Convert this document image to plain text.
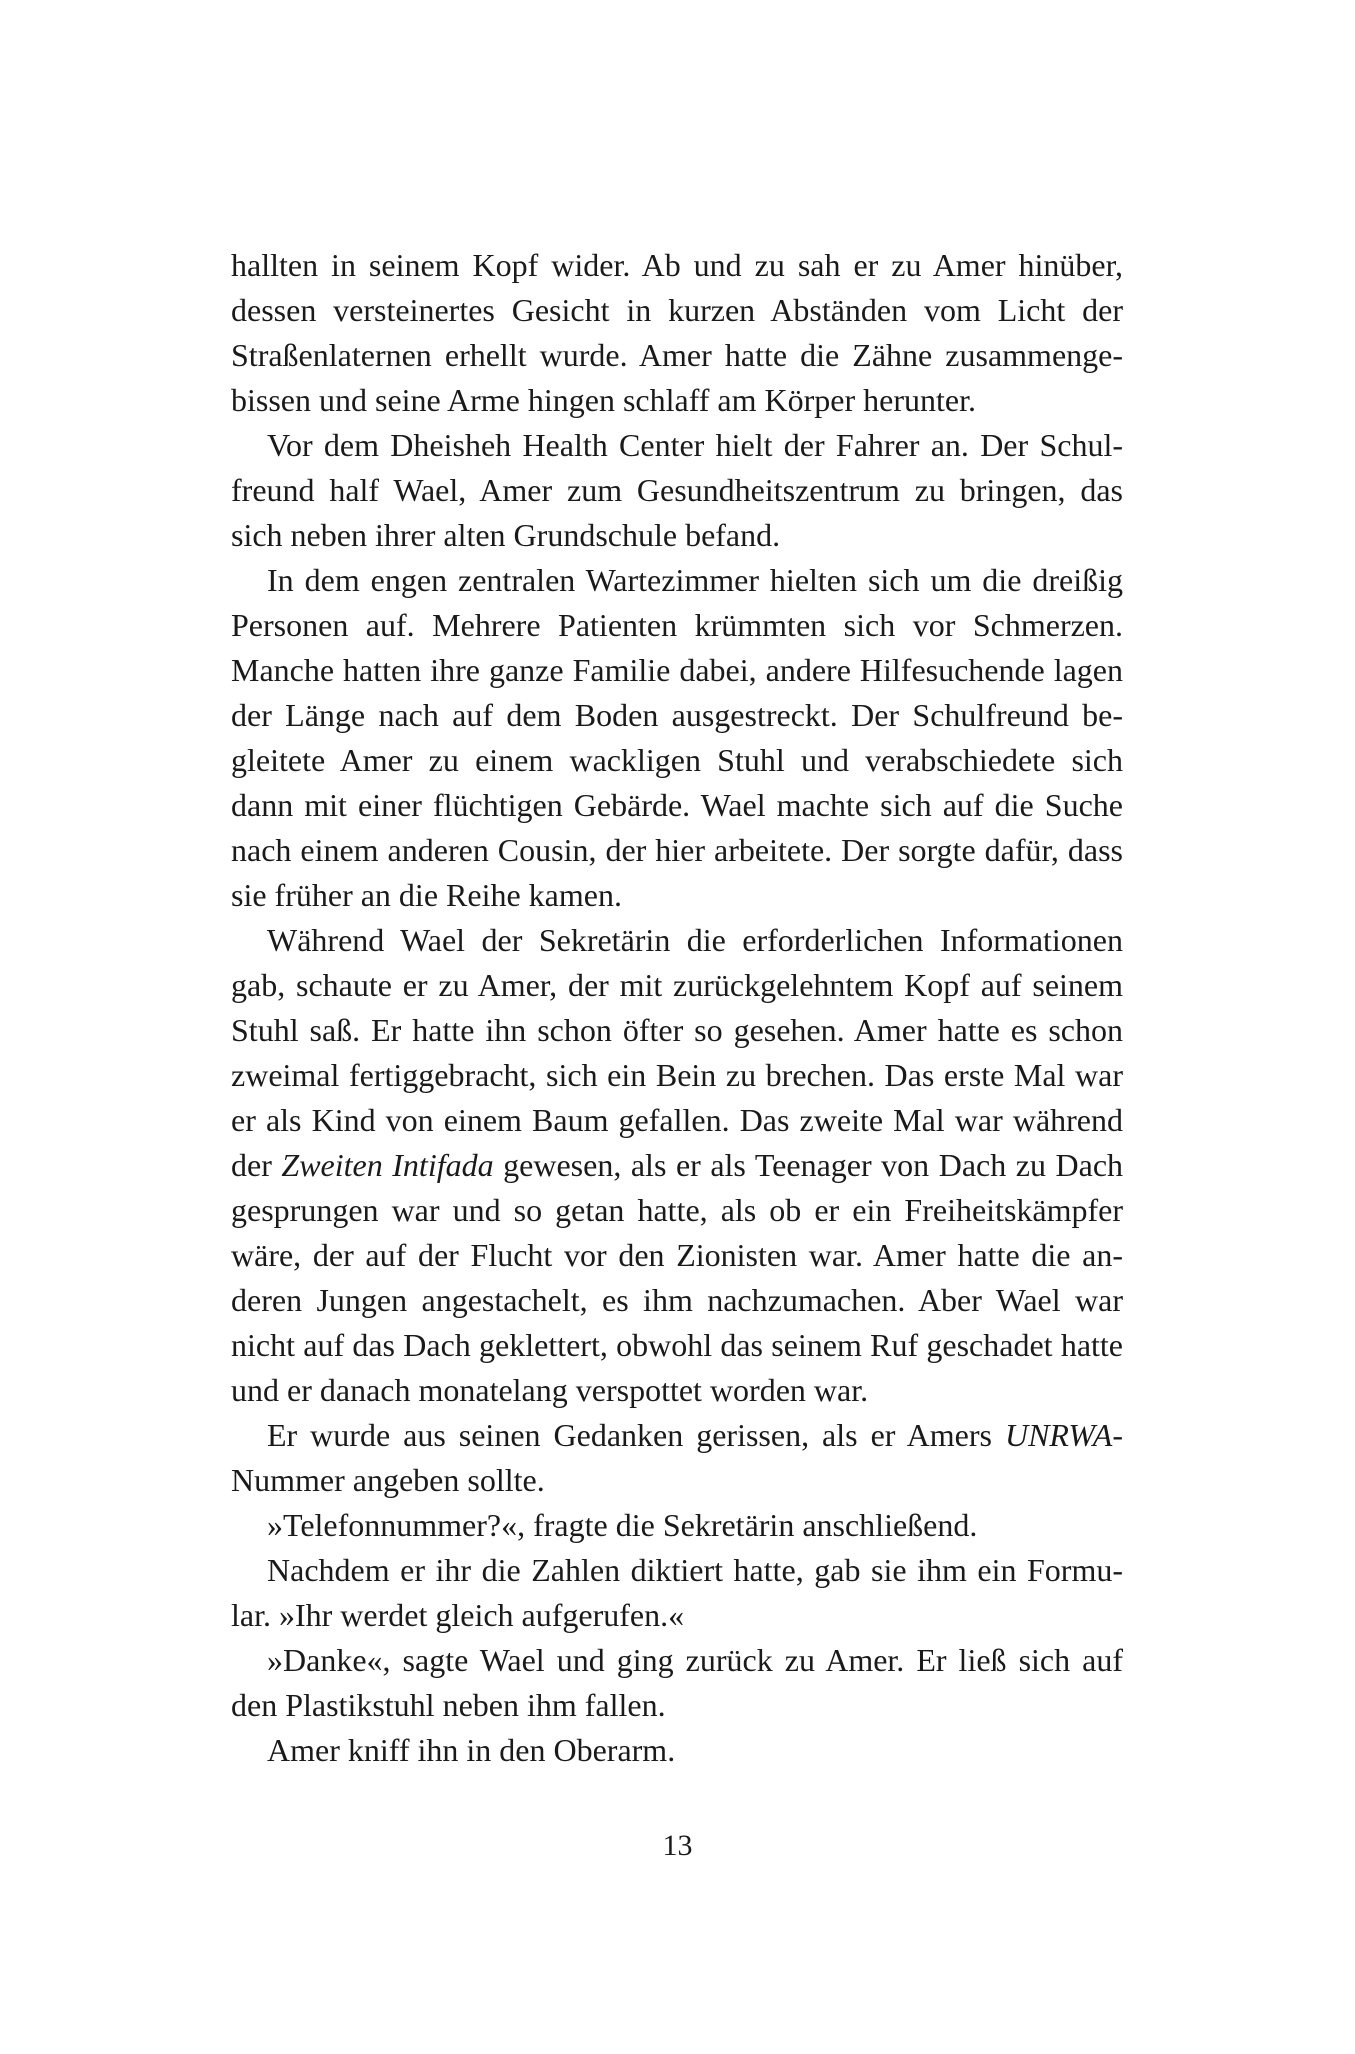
hallten in seinem Kopf wider. Ab und zu sah er zu Amer hinüber, dessen versteinertes Gesicht in kurzen Abständen vom Licht der Straßenlaternen erhellt wurde. Amer hatte die Zähne zusammengebissen und seine Arme hingen schlaff am Körper herunter.

Vor dem Dheisheh Health Center hielt der Fahrer an. Der Schulfreund half Wael, Amer zum Gesundheitszentrum zu bringen, das sich neben ihrer alten Grundschule befand.

In dem engen zentralen Wartezimmer hielten sich um die dreißig Personen auf. Mehrere Patienten krümmten sich vor Schmerzen. Manche hatten ihre ganze Familie dabei, andere Hilfesuchende lagen der Länge nach auf dem Boden ausgestreckt. Der Schulfreund begleitete Amer zu einem wackligen Stuhl und verabschiedete sich dann mit einer flüchtigen Gebärde. Wael machte sich auf die Suche nach einem anderen Cousin, der hier arbeitete. Der sorgte dafür, dass sie früher an die Reihe kamen.

Während Wael der Sekretärin die erforderlichen Informationen gab, schaute er zu Amer, der mit zurückgelehntem Kopf auf seinem Stuhl saß. Er hatte ihn schon öfter so gesehen. Amer hatte es schon zweimal fertiggebracht, sich ein Bein zu brechen. Das erste Mal war er als Kind von einem Baum gefallen. Das zweite Mal war während der Zweiten Intifada gewesen, als er als Teenager von Dach zu Dach gesprungen war und so getan hatte, als ob er ein Freiheitskämpfer wäre, der auf der Flucht vor den Zionisten war. Amer hatte die anderen Jungen angestachelt, es ihm nachzumachen. Aber Wael war nicht auf das Dach geklettert, obwohl das seinem Ruf geschadet hatte und er danach monatelang verspottet worden war.

Er wurde aus seinen Gedanken gerissen, als er Amers UNRWA-Nummer angeben sollte.

»Telefonnummer?«, fragte die Sekretärin anschließend.

Nachdem er ihr die Zahlen diktiert hatte, gab sie ihm ein Formular. »Ihr werdet gleich aufgerufen.«

»Danke«, sagte Wael und ging zurück zu Amer. Er ließ sich auf den Plastikstuhl neben ihm fallen.

Amer kniff ihn in den Oberarm.

13
